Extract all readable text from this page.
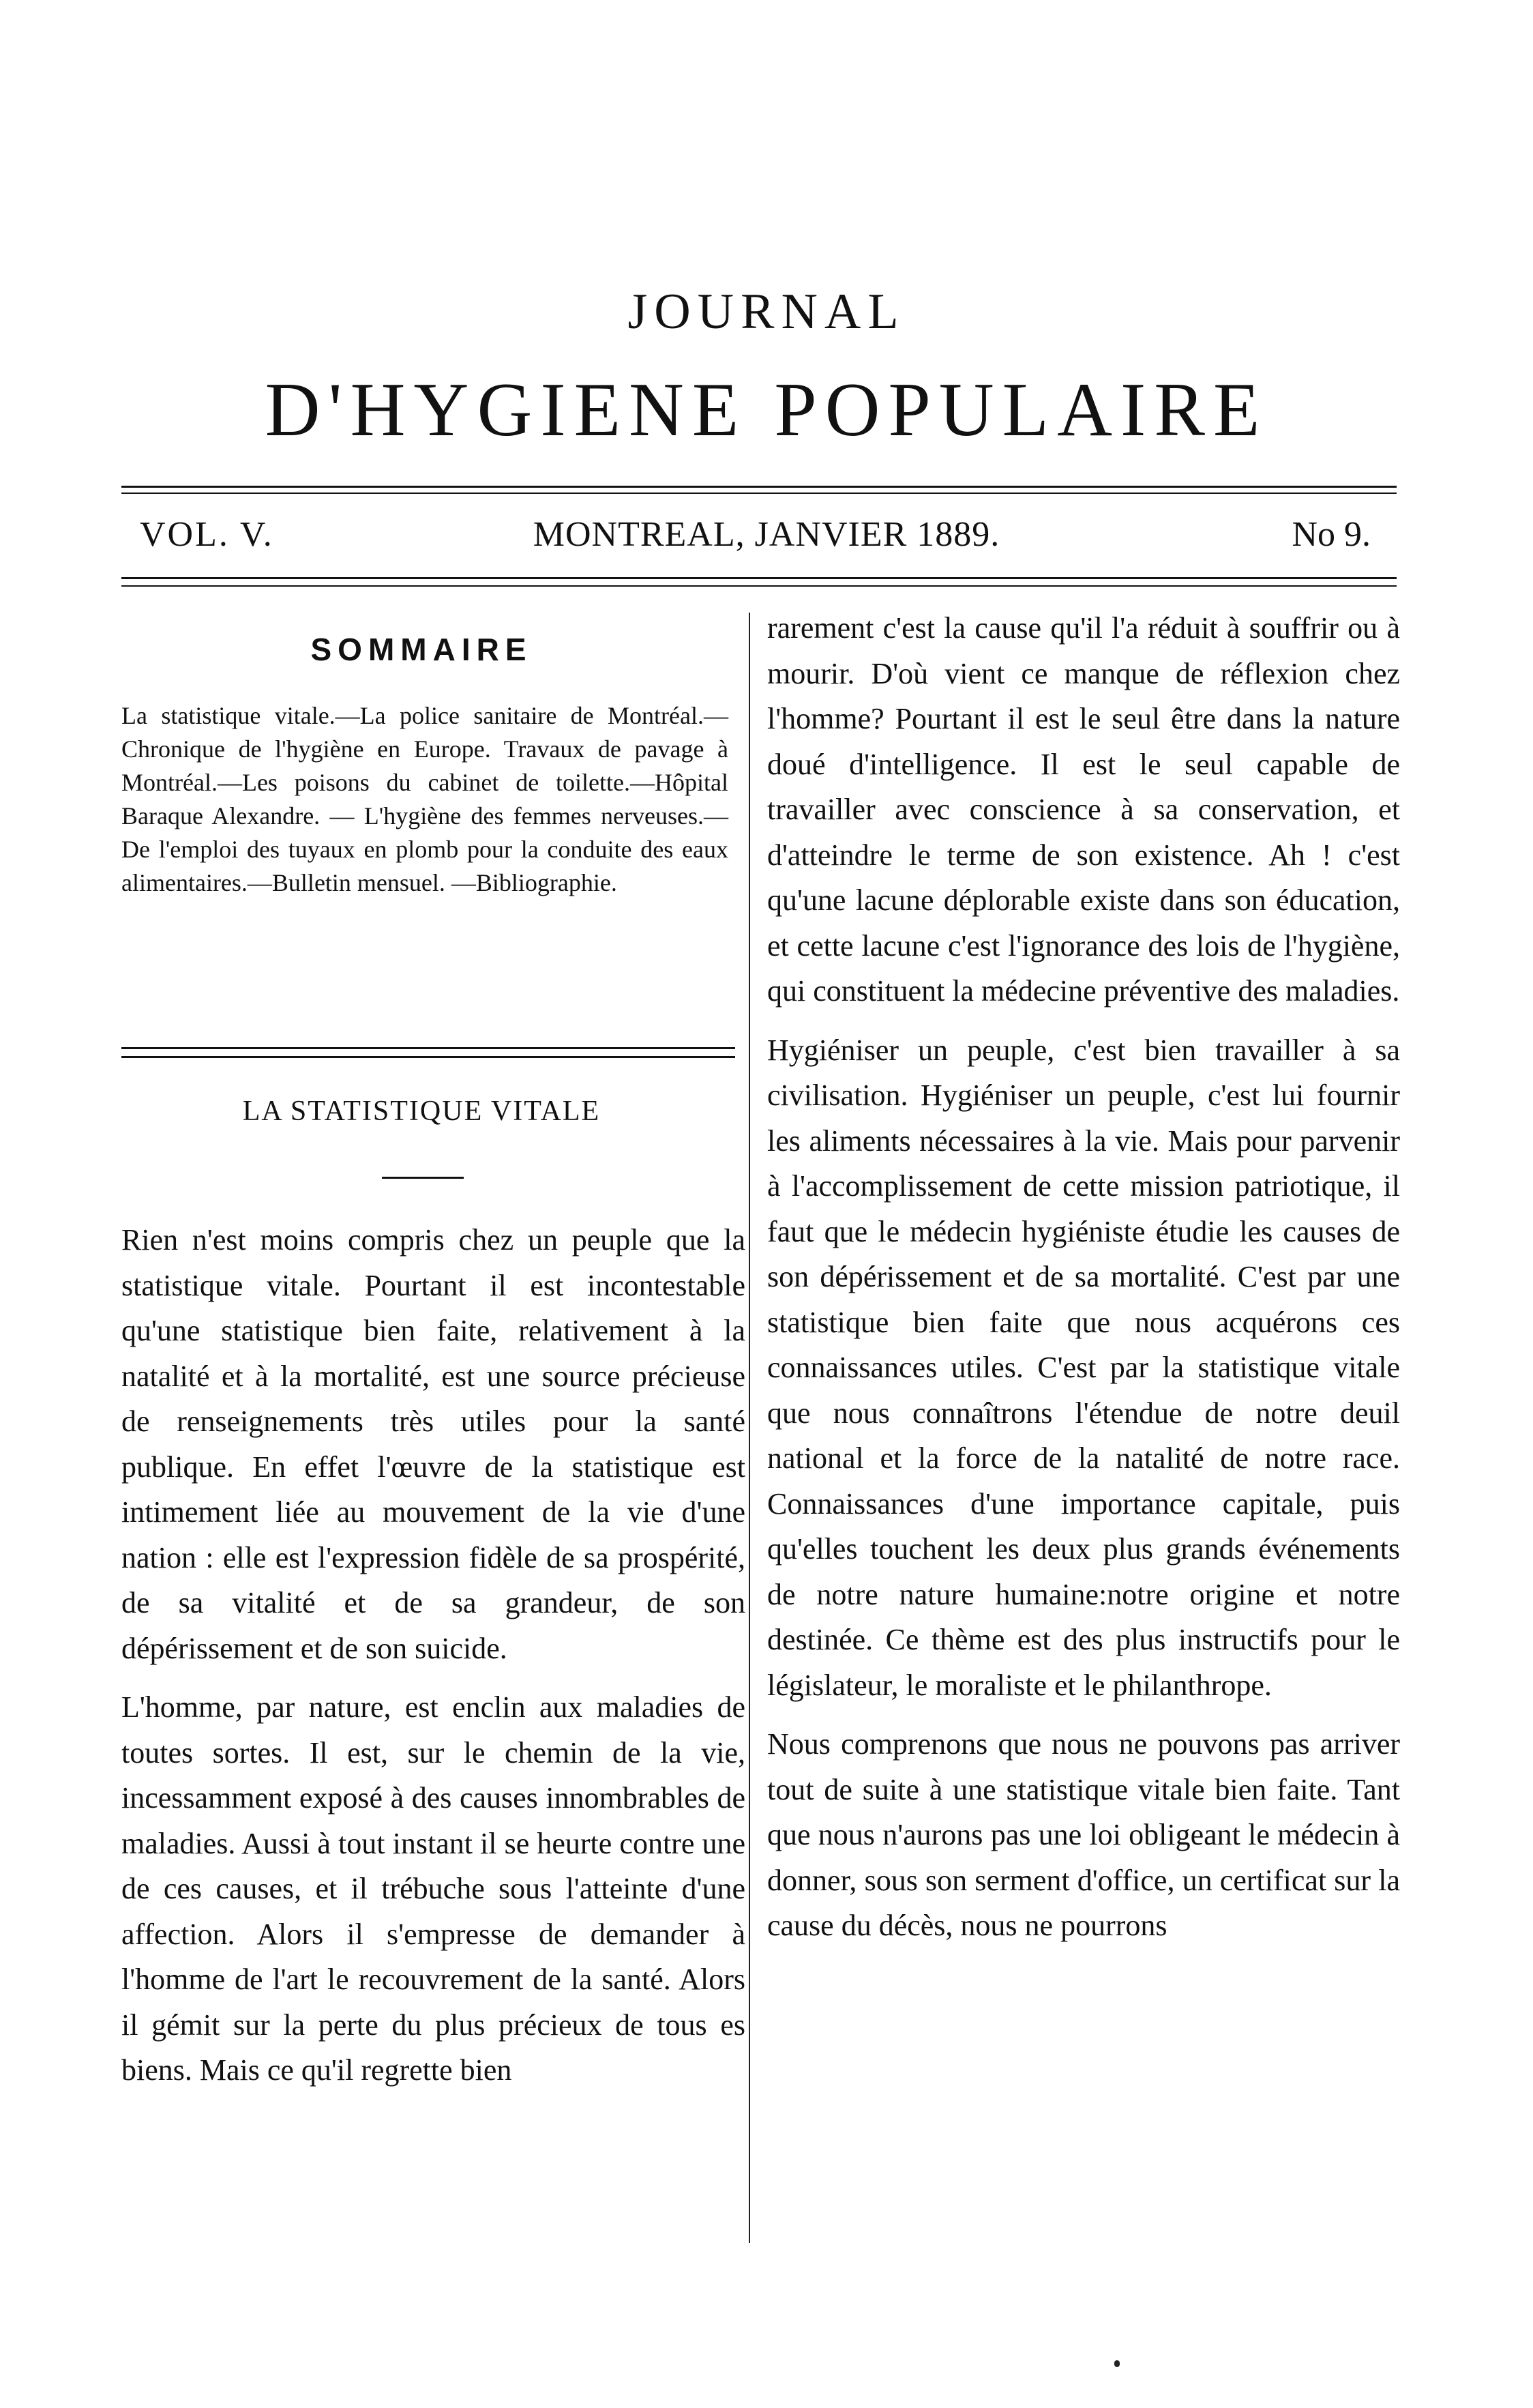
JOURNAL
D'HYGIENE POPULAIRE
VOL. V.	MONTREAL, JANVIER 1889.	No 9.
SOMMAIRE

La statistique vitale.—La police sanitaire de Montréal.—Chronique de l'hygiène en Europe. Travaux de pavage à Montréal.—Les poisons du cabinet de toilette.—Hôpital Baraque Alexandre. — L'hygiène des femmes nerveuses.— De l'emploi des tuyaux en plomb pour la conduite des eaux alimentaires.—Bulletin mensuel. —Bibliographie.

LA STATISTIQUE VITALE

Rien n'est moins compris chez un peuple que la statistique vitale. Pourtant il est incontestable qu'une statistique bien faite, relativement à la natalité et à la mortalité, est une source précieuse de renseignements très utiles pour la santé publique. En effet l'œuvre de la statistique est intimement liée au mouvement de la vie d'une nation : elle est l'expression fidèle de sa prospérité, de sa vitalité et de sa grandeur, de son dépérissement et de son suicide.

L'homme, par nature, est enclin aux maladies de toutes sortes. Il est, sur le chemin de la vie, incessamment exposé à des causes innombrables de maladies. Aussi à tout instant il se heurte contre une de ces causes, et il trébuche sous l'atteinte d'une affection. Alors il s'empresse de demander à l'homme de l'art le recouvrement de la santé. Alors il gémit sur la perte du plus précieux de tous es biens. Mais ce qu'il regrette bien

rarement c'est la cause qu'il l'a réduit à souffrir ou à mourir. D'où vient ce manque de réflexion chez l'homme? Pourtant il est le seul être dans la nature doué d'intelligence. Il est le seul capable de travailler avec conscience à sa conservation, et d'atteindre le terme de son existence. Ah ! c'est qu'une lacune déplorable existe dans son éducation, et cette lacune c'est l'ignorance des lois de l'hygiène, qui constituent la médecine préventive des maladies.

Hygiéniser un peuple, c'est bien travailler à sa civilisation. Hygiéniser un peuple, c'est lui fournir les aliments nécessaires à la vie. Mais pour parvenir à l'accomplissement de cette mission patriotique, il faut que le médecin hygiéniste étudie les causes de son dépérissement et de sa mortalité. C'est par une statistique bien faite que nous acquérons ces connaissances utiles. C'est par la statistique vitale que nous connaîtrons l'étendue de notre deuil national et la force de la natalité de notre race. Connaissances d'une importance capitale, puis qu'elles touchent les deux plus grands événements de notre nature humaine:notre origine et notre destinée. Ce thème est des plus instructifs pour le législateur, le moraliste et le philanthrope.

Nous comprenons que nous ne pouvons pas arriver tout de suite à une statistique vitale bien faite. Tant que nous n'aurons pas une loi obligeant le médecin à donner, sous son serment d'office, un certificat sur la cause du décès, nous ne pourrons
